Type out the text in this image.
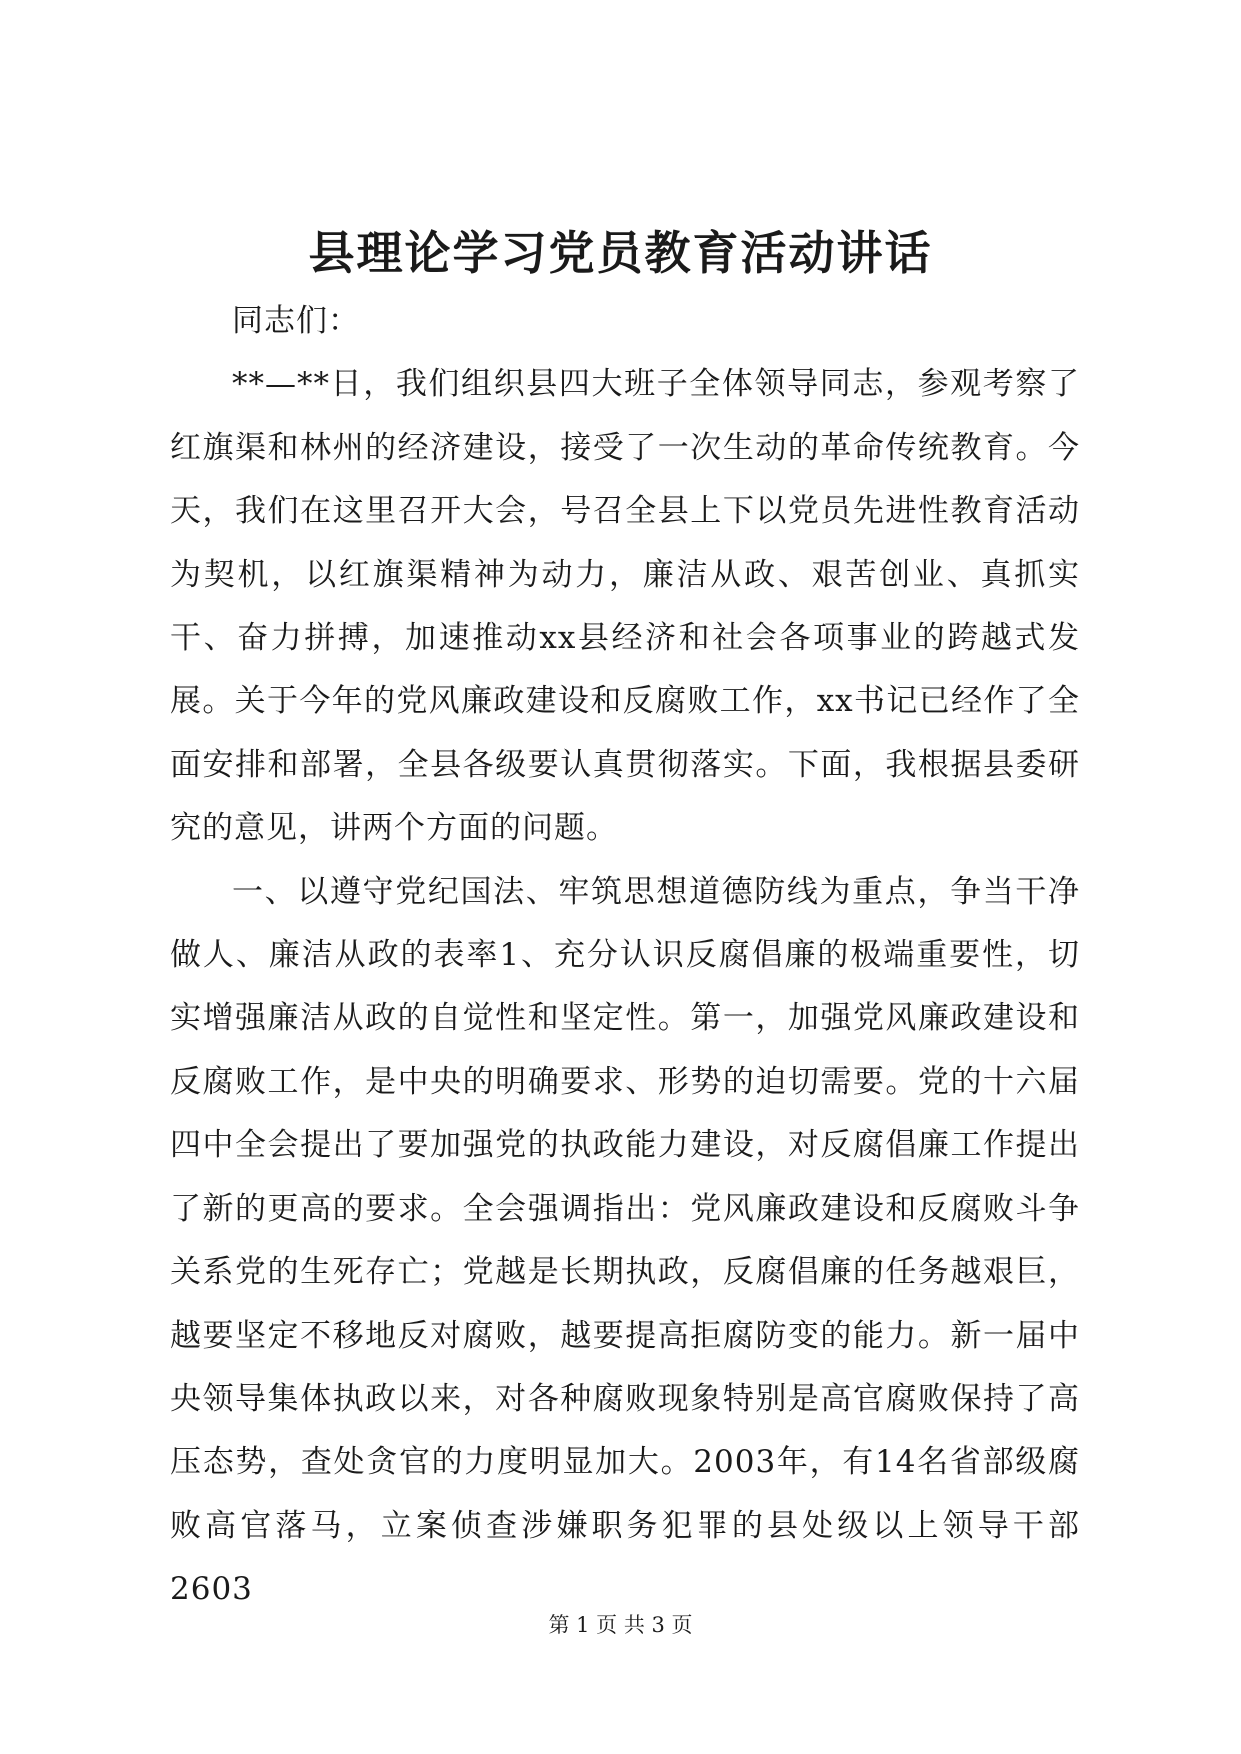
县理论学习党员教育活动讲话

同志们：

**—**日，我们组织县四大班子全体领导同志，参观考察了红旗渠和林州的经济建设，接受了一次生动的革命传统教育。今天，我们在这里召开大会，号召全县上下以党员先进性教育活动为契机，以红旗渠精神为动力，廉洁从政、艰苦创业、真抓实干、奋力拼搏，加速推动xx县经济和社会各项事业的跨越式发展。关于今年的党风廉政建设和反腐败工作，xx书记已经作了全面安排和部署，全县各级要认真贯彻落实。下面，我根据县委研究的意见，讲两个方面的问题。

一、以遵守党纪国法、牢筑思想道德防线为重点，争当干净做人、廉洁从政的表率1、充分认识反腐倡廉的极端重要性，切实增强廉洁从政的自觉性和坚定性。第一，加强党风廉政建设和反腐败工作，是中央的明确要求、形势的迫切需要。党的十六届四中全会提出了要加强党的执政能力建设，对反腐倡廉工作提出了新的更高的要求。全会强调指出：党风廉政建设和反腐败斗争关系党的生死存亡；党越是长期执政，反腐倡廉的任务越艰巨，越要坚定不移地反对腐败，越要提高拒腐防变的能力。新一届中央领导集体执政以来，对各种腐败现象特别是高官腐败保持了高压态势，查处贪官的力度明显加大。2003年，有14名省部级腐败高官落马，立案侦查涉嫌职务犯罪的县处级以上领导干部2603

第 1 页 共 3 页
